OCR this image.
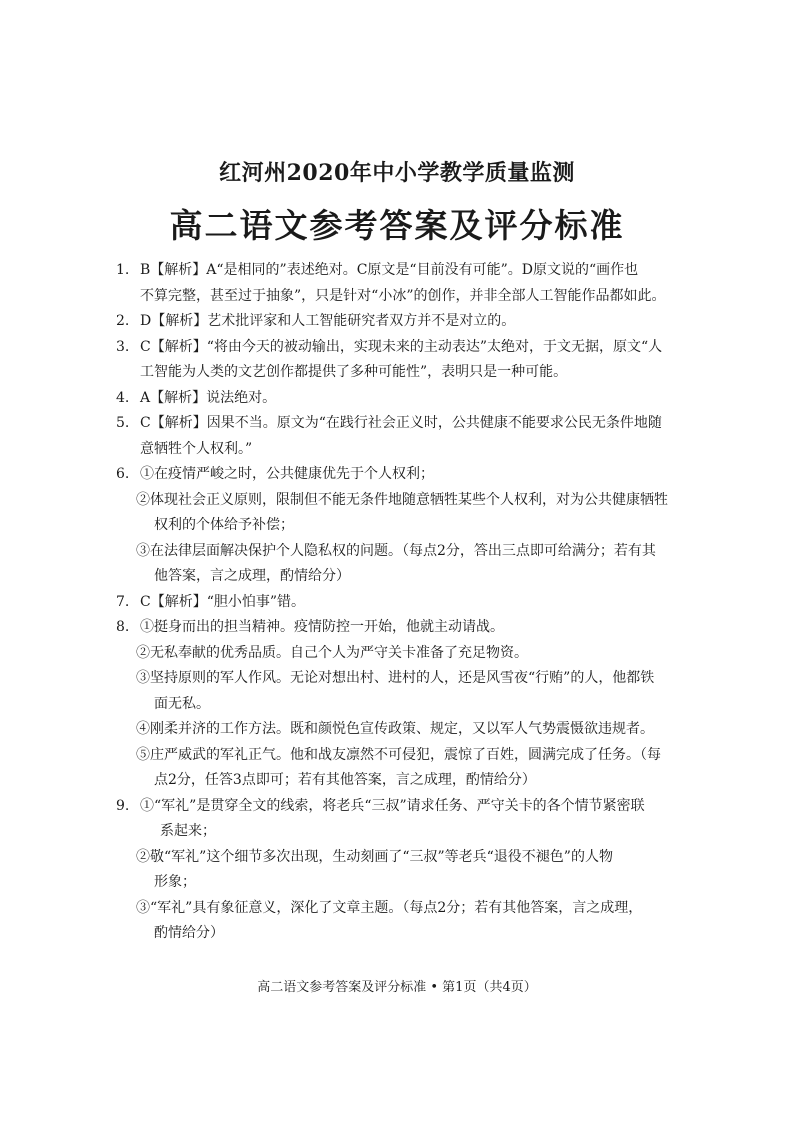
红河州2020年中小学教学质量监测
高二语文参考答案及评分标准
1. B【解析】A“是相同的”表述绝对。C原文是“目前没有可能”。D原文说的“画作也
不算完整，甚至过于抽象”，只是针对“小冰”的创作，并非全部人工智能作品都如此。
2. D【解析】艺术批评家和人工智能研究者双方并不是对立的。
3. C【解析】“将由今天的被动输出，实现未来的主动表达”太绝对，于文无据，原文“人
工智能为人类的文艺创作都提供了多种可能性”，表明只是一种可能。
4. A【解析】说法绝对。
5. C【解析】因果不当。原文为“在践行社会正义时，公共健康不能要求公民无条件地随
意牺牲个人权利。”
6. ①在疫情严峻之时，公共健康优先于个人权利；
②体现社会正义原则，限制但不能无条件地随意牺牲某些个人权利，对为公共健康牺牲
权利的个体给予补偿；
③在法律层面解决保护个人隐私权的问题。（每点2分，答出三点即可给满分；若有其
他答案，言之成理，酌情给分）
7. C【解析】“胆小怕事”错。
8. ①挺身而出的担当精神。疫情防控一开始，他就主动请战。
②无私奉献的优秀品质。自己个人为严守关卡准备了充足物资。
③坚持原则的军人作风。无论对想出村、进村的人，还是风雪夜“行贿”的人，他都铁
面无私。
④刚柔并济的工作方法。既和颜悦色宣传政策、规定，又以军人气势震慑欲违规者。
⑤庄严威武的军礼正气。他和战友凛然不可侵犯，震惊了百姓，圆满完成了任务。（每
点2分，任答3点即可；若有其他答案，言之成理，酌情给分）
9. ①“军礼”是贯穿全文的线索，将老兵“三叔”请求任务、严守关卡的各个情节紧密联
系起来；
②敬“军礼”这个细节多次出现，生动刻画了“三叔”等老兵“退役不褪色”的人物
形象；
③“军礼”具有象征意义，深化了文章主题。（每点2分；若有其他答案，言之成理，
酌情给分）
高二语文参考答案及评分标准 • 第1页（共4页）
